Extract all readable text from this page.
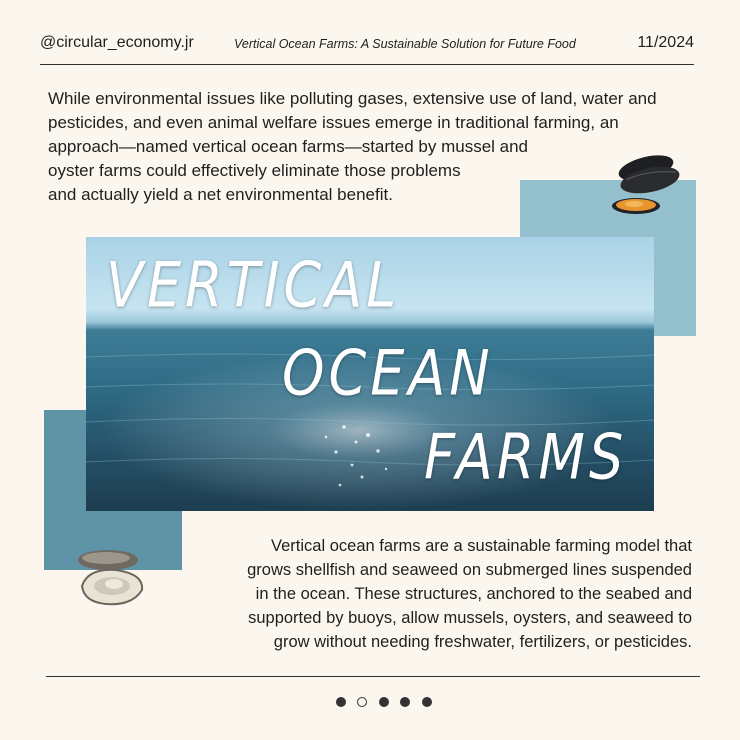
@circular_economy.jr	Vertical Ocean Farms: A Sustainable Solution for Future Food	11/2024

While environmental issues like polluting gases, extensive use of land, water and
pesticides, and even animal welfare issues emerge in traditional farming, an
approach—named vertical ocean farms—started by mussel and
oyster farms could effectively eliminate those problems
and actually yield a net environmental benefit.

VERTICAL
OCEAN
FARMS

Vertical ocean farms are a sustainable farming model that
grows shellfish and seaweed on submerged lines suspended
in the ocean. These structures, anchored to the seabed and
supported by buoys, allow mussels, oysters, and seaweed to
grow without needing freshwater, fertilizers, or pesticides.
